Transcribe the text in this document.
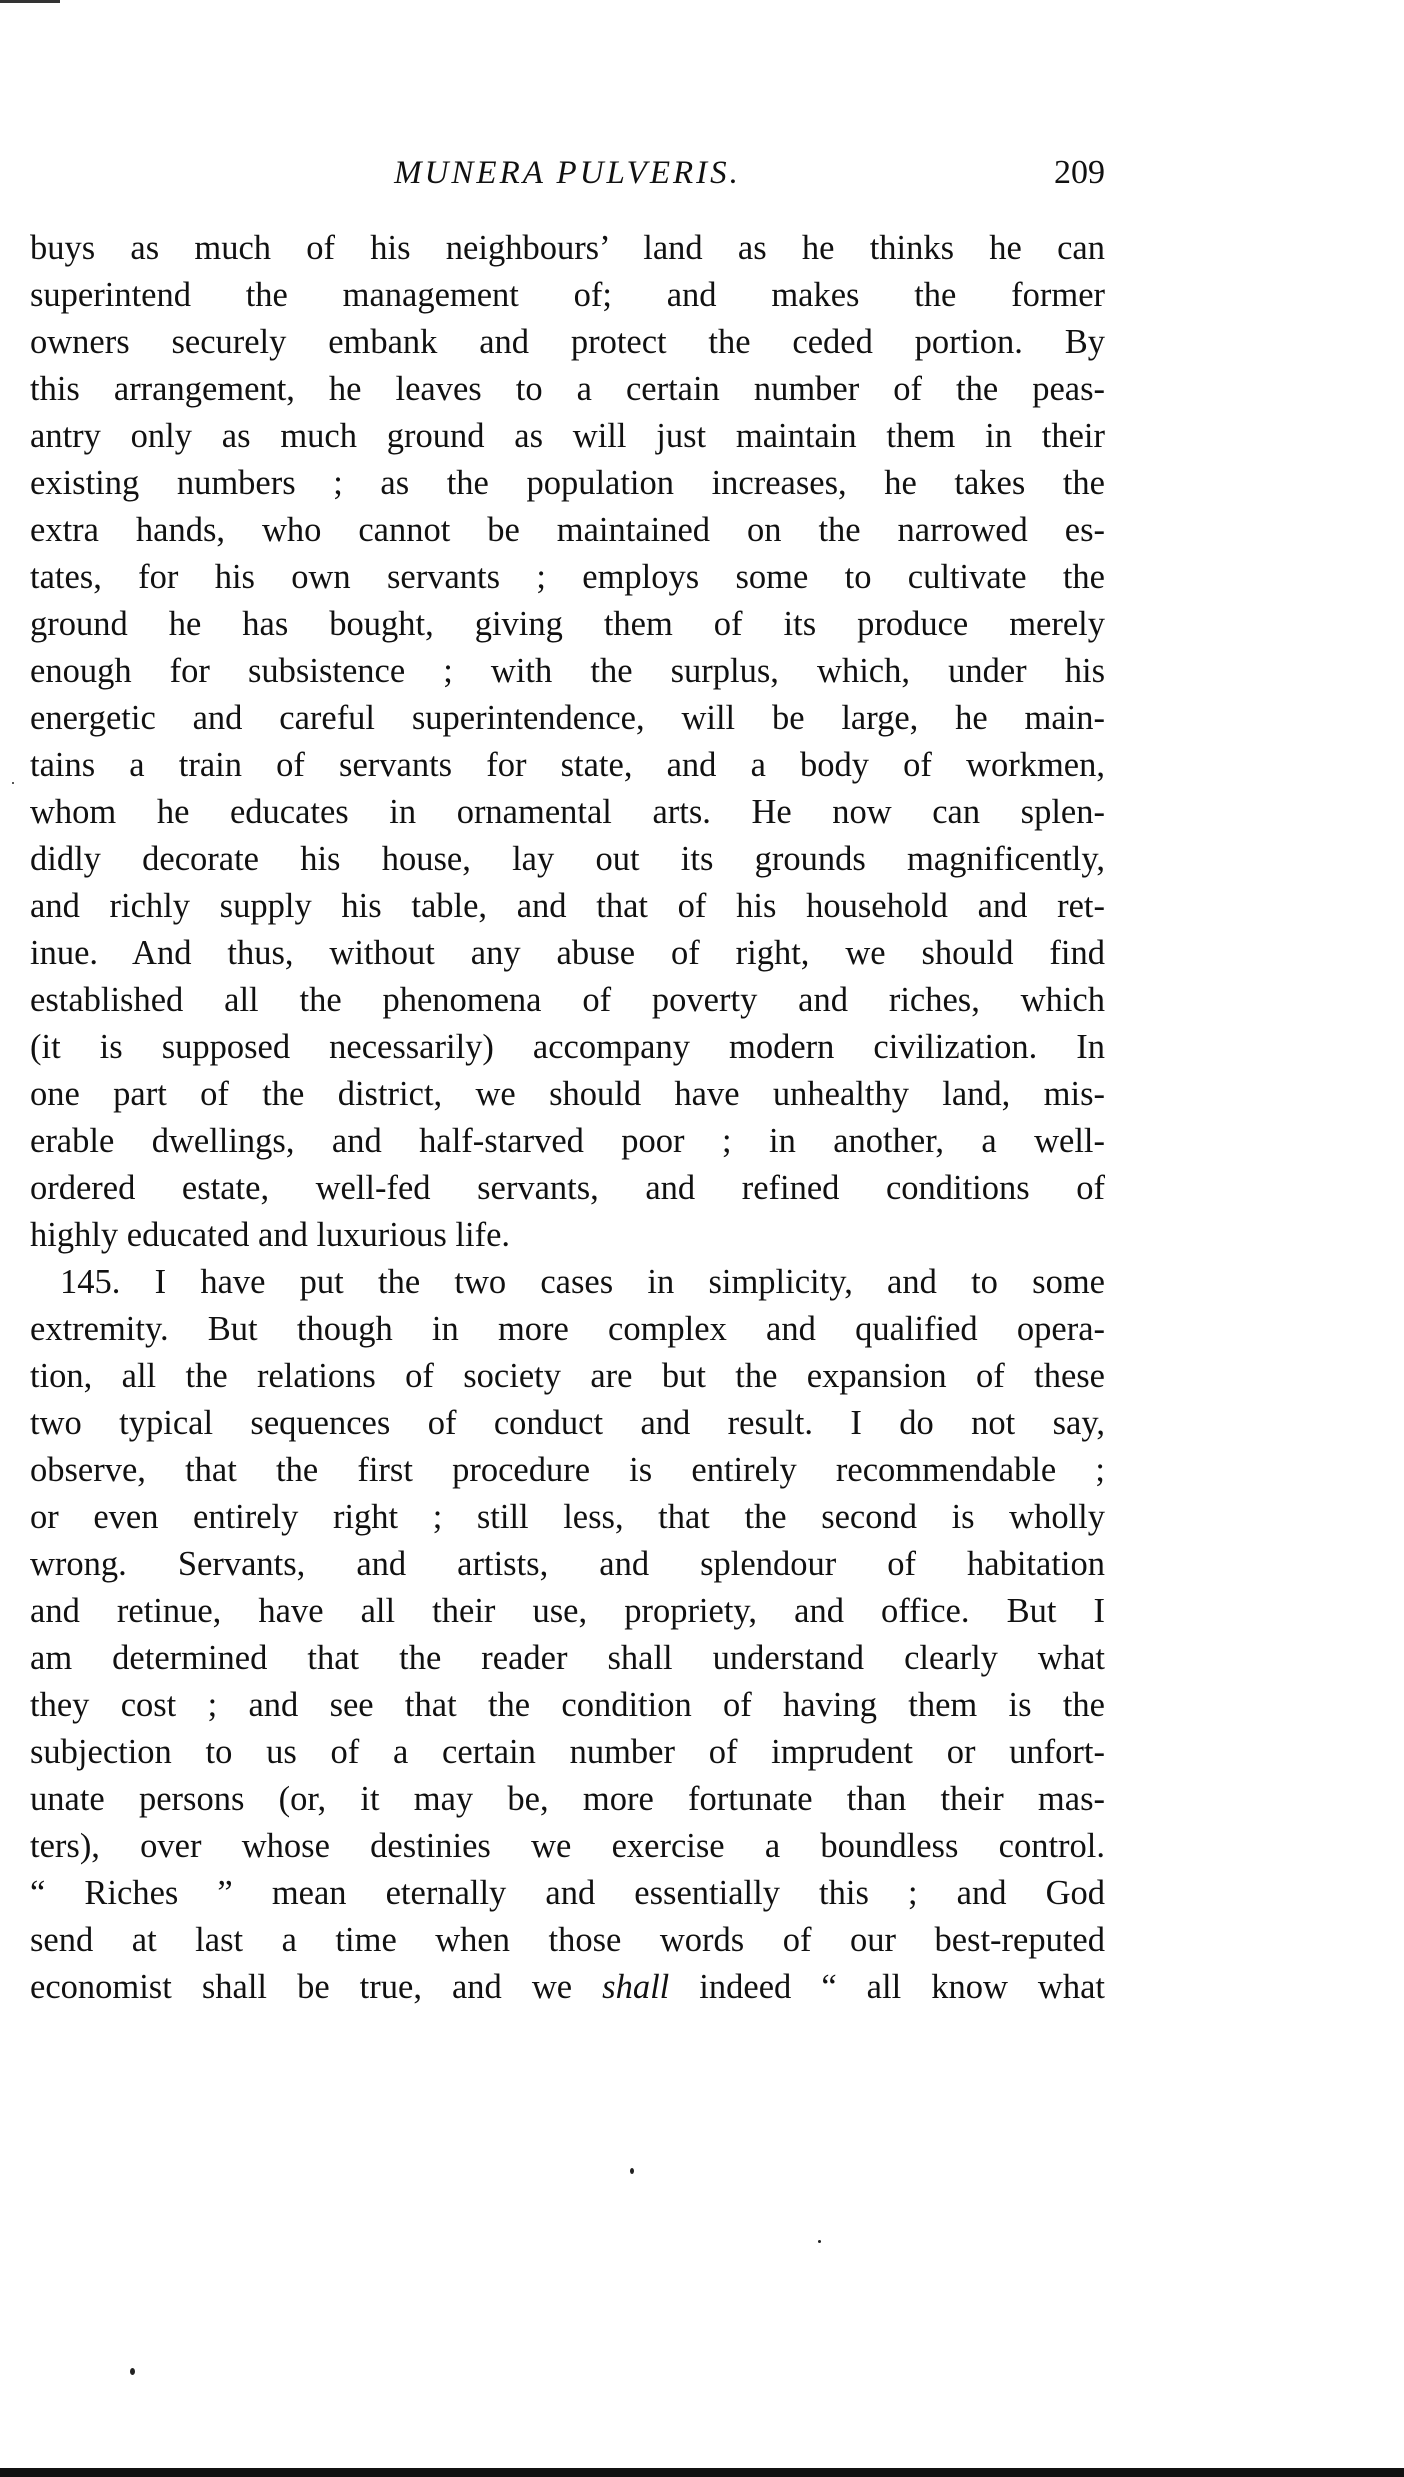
MUNERA PULVERIS.	209
buys as much of his neighbours’ land as he thinks he can
superintend the management of; and makes the former
owners securely embank and protect the ceded portion. By
this arrangement, he leaves to a certain number of the peas-
antry only as much ground as will just maintain them in their
existing numbers ; as the population increases, he takes the
extra hands, who cannot be maintained on the narrowed es-
tates, for his own servants ; employs some to cultivate the
ground he has bought, giving them of its produce merely
enough for subsistence ; with the surplus, which, under his
energetic and careful superintendence, will be large, he main-
tains a train of servants for state, and a body of workmen,
whom he educates in ornamental arts. He now can splen-
didly decorate his house, lay out its grounds magnificently,
and richly supply his table, and that of his household and ret-
inue. And thus, without any abuse of right, we should find
established all the phenomena of poverty and riches, which
(it is supposed necessarily) accompany modern civilization. In
one part of the district, we should have unhealthy land, mis-
erable dwellings, and half-starved poor ; in another, a well-
ordered estate, well-fed servants, and refined conditions of
highly educated and luxurious life.
145. I have put the two cases in simplicity, and to some
extremity. But though in more complex and qualified opera-
tion, all the relations of society are but the expansion of these
two typical sequences of conduct and result. I do not say,
observe, that the first procedure is entirely recommendable ;
or even entirely right ; still less, that the second is wholly
wrong. Servants, and artists, and splendour of habitation
and retinue, have all their use, propriety, and office. But I
am determined that the reader shall understand clearly what
they cost ; and see that the condition of having them is the
subjection to us of a certain number of imprudent or unfort-
unate persons (or, it may be, more fortunate than their mas-
ters), over whose destinies we exercise a boundless control.
“ Riches ” mean eternally and essentially this ; and God
send at last a time when those words of our best-reputed
economist shall be true, and we shall indeed “ all know what
